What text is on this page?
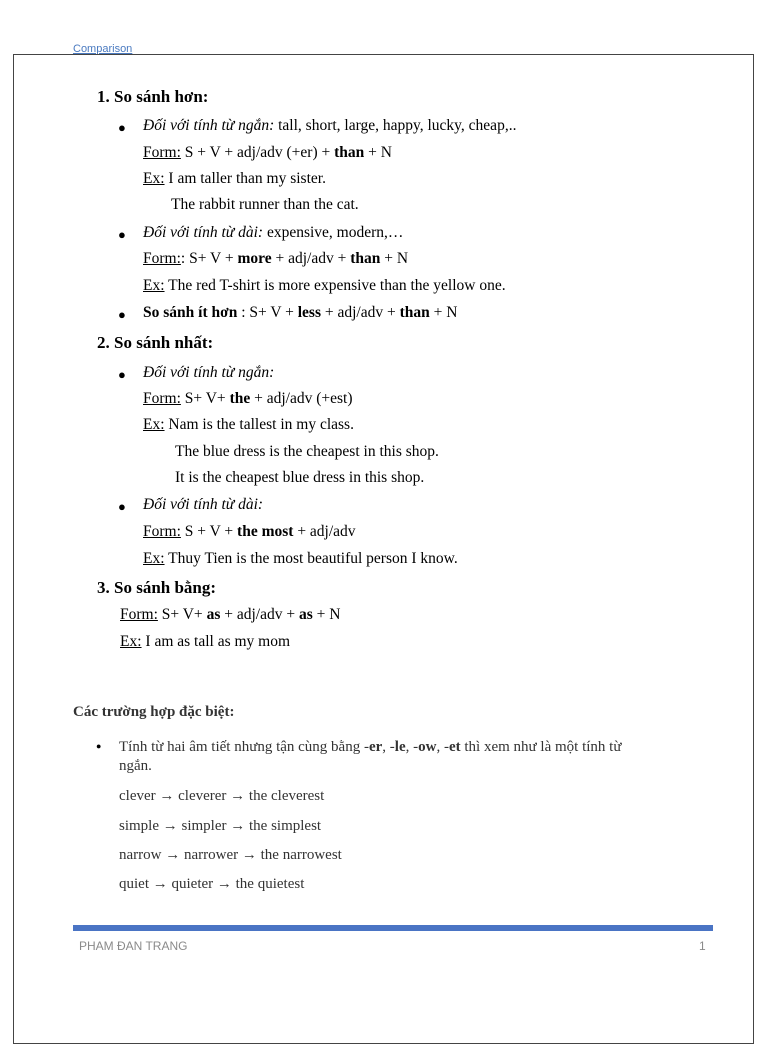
Comparison
1. So sánh hơn:
● Đối với tính từ ngắn: tall, short, large, happy, lucky, cheap,..
Form: S + V + adj/adv (+er) + than + N
Ex: I am taller than my sister.
The rabbit runner than the cat.
● Đối với tính từ dài: expensive, modern,…
Form:: S+ V + more + adj/adv + than + N
Ex: The red T-shirt is more expensive than the yellow one.
● So sánh ít hơn : S+ V + less + adj/adv + than + N
2. So sánh nhất:
● Đối với tính từ ngắn:
Form: S+ V+ the + adj/adv (+est)
Ex: Nam is the tallest in my class.
The blue dress is the cheapest in this shop.
It is the cheapest blue dress in this shop.
● Đối với tính từ dài:
Form: S + V + the most + adj/adv
Ex: Thuy Tien is the most beautiful person I know.
3. So sánh bằng:
Form: S+ V+ as + adj/adv + as + N
Ex: I am as tall as my mom
Các trường hợp đặc biệt:
● Tính từ hai âm tiết nhưng tận cùng bằng -er, -le, -ow, -et thì xem như là một tính từ
ngắn.
clever → cleverer → the cleverest
simple → simpler → the simplest
narrow → narrower → the narrowest
quiet → quieter → the quietest
PHAM ĐAN TRANG	1
